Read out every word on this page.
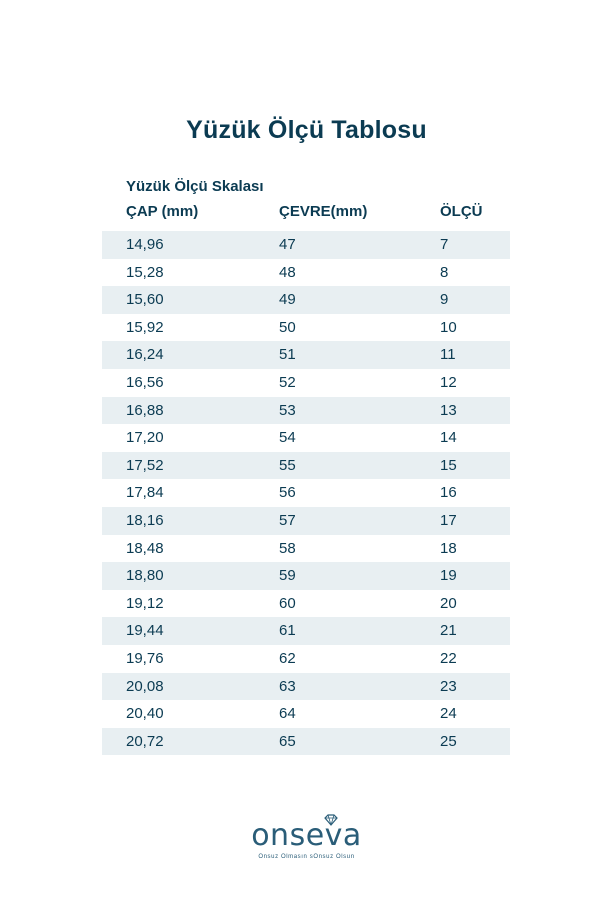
Yüzük Ölçü Tablosu
Yüzük Ölçü Skalası
ÇAP (mm)	ÇEVRE(mm)	ÖLÇÜ
14,96	47	7
15,28	48	8
15,60	49	9
15,92	50	10
16,24	51	11
16,56	52	12
16,88	53	13
17,20	54	14
17,52	55	15
17,84	56	16
18,16	57	17
18,48	58	18
18,80	59	19
19,12	60	20
19,44	61	21
19,76	62	22
20,08	63	23
20,40	64	24
20,72	65	25
onseva
Onsuz Olmasın sOnsuz Olsun
